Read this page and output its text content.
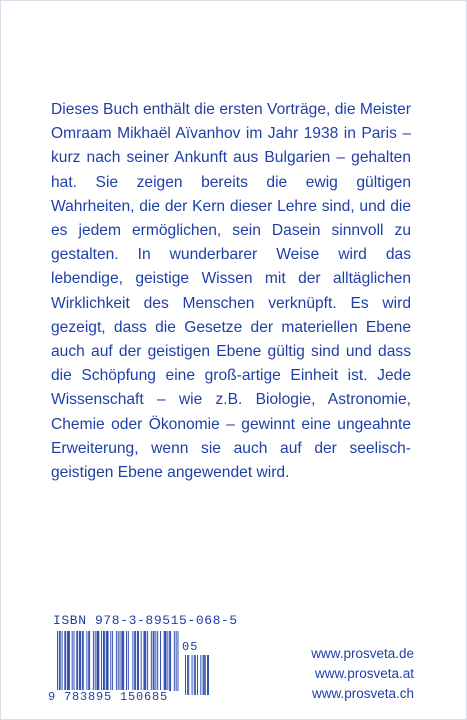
Dieses Buch enthält die ersten Vorträge, die Meister Omraam Mikhaël Aïvanhov im Jahr 1938 in Paris – kurz nach seiner Ankunft aus Bulgarien – gehalten hat. Sie zeigen bereits die ewig gültigen Wahrheiten, die der Kern dieser Lehre sind, und die es jedem ermöglichen, sein Dasein sinnvoll zu gestalten. In wunderbarer Weise wird das lebendige, geistige Wissen mit der alltäglichen Wirklichkeit des Menschen verknüpft. Es wird gezeigt, dass die Gesetze der materiellen Ebene auch auf der geistigen Ebene gültig sind und dass die Schöpfung eine groß-artige Einheit ist. Jede Wissenschaft – wie z.B. Biologie, Astronomie, Chemie oder Ökonomie – gewinnt eine ungeahnte Erweiterung, wenn sie auch auf der seelisch-geistigen Ebene angewendet wird.

ISBN 978-3-89515-068-5
05
9 783895 150685
www.prosveta.de
www.prosveta.at
www.prosveta.ch
